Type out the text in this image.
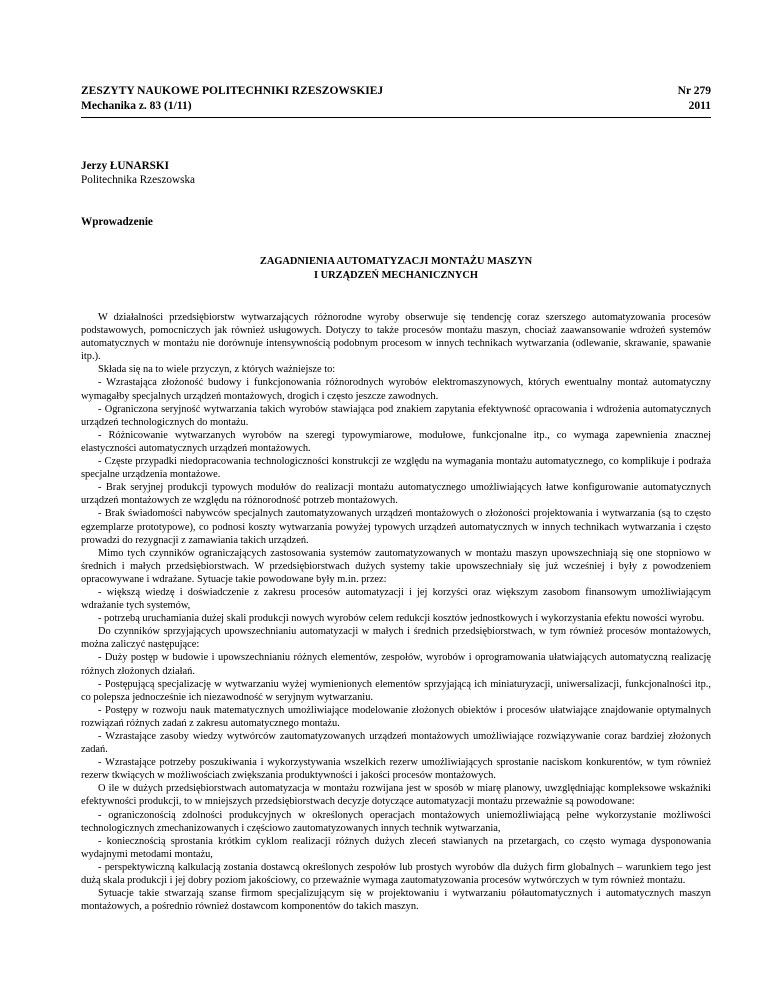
ZESZYTY NAUKOWE POLITECHNIKI RZESZOWSKIEJ
Mechanika z. 83 (1/11)
Nr 279
2011
Jerzy ŁUNARSKI
Politechnika Rzeszowska
Wprowadzenie
ZAGADNIENIA AUTOMATYZACJI MONTAŻU MASZYN
I URZĄDZEŃ MECHANICZNYCH

W działalności przedsiębiorstw wytwarzających różnorodne wyroby obserwuje się tendencję coraz szerszego automatyzowania procesów podstawowych, pomocniczych jak również usługowych. Dotyczy to także procesów montażu maszyn, chociaż zaawansowanie wdrożeń systemów automatycznych w montażu nie dorównuje intensywnością podobnym procesom w innych technikach wytwarzania (odlewanie, skrawanie, spawanie itp.).

Składa się na to wiele przyczyn, z których ważniejsze to:

- Wzrastająca złożoność budowy i funkcjonowania różnorodnych wyrobów elektromaszynowych, których ewentualny montaż automatyczny wymagałby specjalnych urządzeń montażowych, drogich i często jeszcze zawodnych.

- Ograniczona seryjność wytwarzania takich wyrobów stawiająca pod znakiem zapytania efektywność opracowania i wdrożenia automatycznych urządzeń technologicznych do montażu.

- Różnicowanie wytwarzanych wyrobów na szeregi typowymiarowe, modułowe, funkcjonalne itp., co wymaga zapewnienia znacznej elastyczności automatycznych urządzeń montażowych.

- Częste przypadki niedopracowania technologiczności konstrukcji ze względu na wymagania montażu automatycznego, co komplikuje i podraża specjalne urządzenia montażowe.

- Brak seryjnej produkcji typowych modułów do realizacji montażu automatycznego umożliwiających łatwe konfigurowanie automatycznych urządzeń montażowych ze względu na różnorodność potrzeb montażowych.

- Brak świadomości nabywców specjalnych zautomatyzowanych urządzeń montażowych o złożoności projektowania i wytwarzania (są to często egzemplarze prototypowe), co podnosi koszty wytwarzania powyżej typowych urządzeń automatycznych w innych technikach wytwarzania i często prowadzi do rezygnacji z zamawiania takich urządzeń.

Mimo tych czynników ograniczających zastosowania systemów zautomatyzowanych w montażu maszyn upowszechniają się one stopniowo w średnich i małych przedsiębiorstwach. W przedsiębiorstwach dużych systemy takie upowszechniały się już wcześniej i były z powodzeniem opracowywane i wdrażane. Sytuacje takie powodowane były m.in. przez:

- większą wiedzę i doświadczenie z zakresu procesów automatyzacji i jej korzyści oraz większym zasobom finansowym umożliwiającym wdrażanie tych systemów,

- potrzebą uruchamiania dużej skali produkcji nowych wyrobów celem redukcji kosztów jednostkowych i wykorzystania efektu nowości wyrobu.

Do czynników sprzyjających upowszechnianiu automatyzacji w małych i średnich przedsiębiorstwach, w tym również procesów montażowych, można zaliczyć następujące:

- Duży postęp w budowie i upowszechnianiu różnych elementów, zespołów, wyrobów i oprogramowania ułatwiających automatyczną realizację różnych złożonych działań.

- Postępującą specjalizację w wytwarzaniu wyżej wymienionych elementów sprzyjającą ich miniaturyzacji, uniwersalizacji, funkcjonalności itp., co polepsza jednocześnie ich niezawodność w seryjnym wytwarzaniu.

- Postępy w rozwoju nauk matematycznych umożliwiające modelowanie złożonych obiektów i procesów ułatwiające znajdowanie optymalnych rozwiązań różnych zadań z zakresu automatycznego montażu.

- Wzrastające zasoby wiedzy wytwórców zautomatyzowanych urządzeń montażowych umożliwiające rozwiązywanie coraz bardziej złożonych zadań.

- Wzrastające potrzeby poszukiwania i wykorzystywania wszelkich rezerw umożliwiających sprostanie naciskom konkurentów, w tym również rezerw tkwiących w możliwościach zwiększania produktywności i jakości procesów montażowych.

O ile w dużych przedsiębiorstwach automatyzacja w montażu rozwijana jest w sposób w miarę planowy, uwzględniając kompleksowe wskaźniki efektywności produkcji, to w mniejszych przedsiębiorstwach decyzje dotyczące automatyzacji montażu przeważnie są powodowane:

- ograniczonością zdolności produkcyjnych w określonych operacjach montażowych uniemożliwiającą pełne wykorzystanie możliwości technologicznych zmechanizowanych i częściowo zautomatyzowanych innych technik wytwarzania,

- koniecznością sprostania krótkim cyklom realizacji różnych dużych zleceń stawianych na przetargach, co często wymaga dysponowania wydajnymi metodami montażu,

- perspektywiczną kalkulacją zostania dostawcą określonych zespołów lub prostych wyrobów dla dużych firm globalnych – warunkiem tego jest dużą skala produkcji i jej dobry poziom jakościowy, co przeważnie wymaga zautomatyzowania procesów wytwórczych w tym również montażu.

Sytuacje takie stwarzają szanse firmom specjalizującym się w projektowaniu i wytwarzaniu półautomatycznych i automatycznych maszyn montażowych, a pośrednio również dostawcom komponentów do takich maszyn.
